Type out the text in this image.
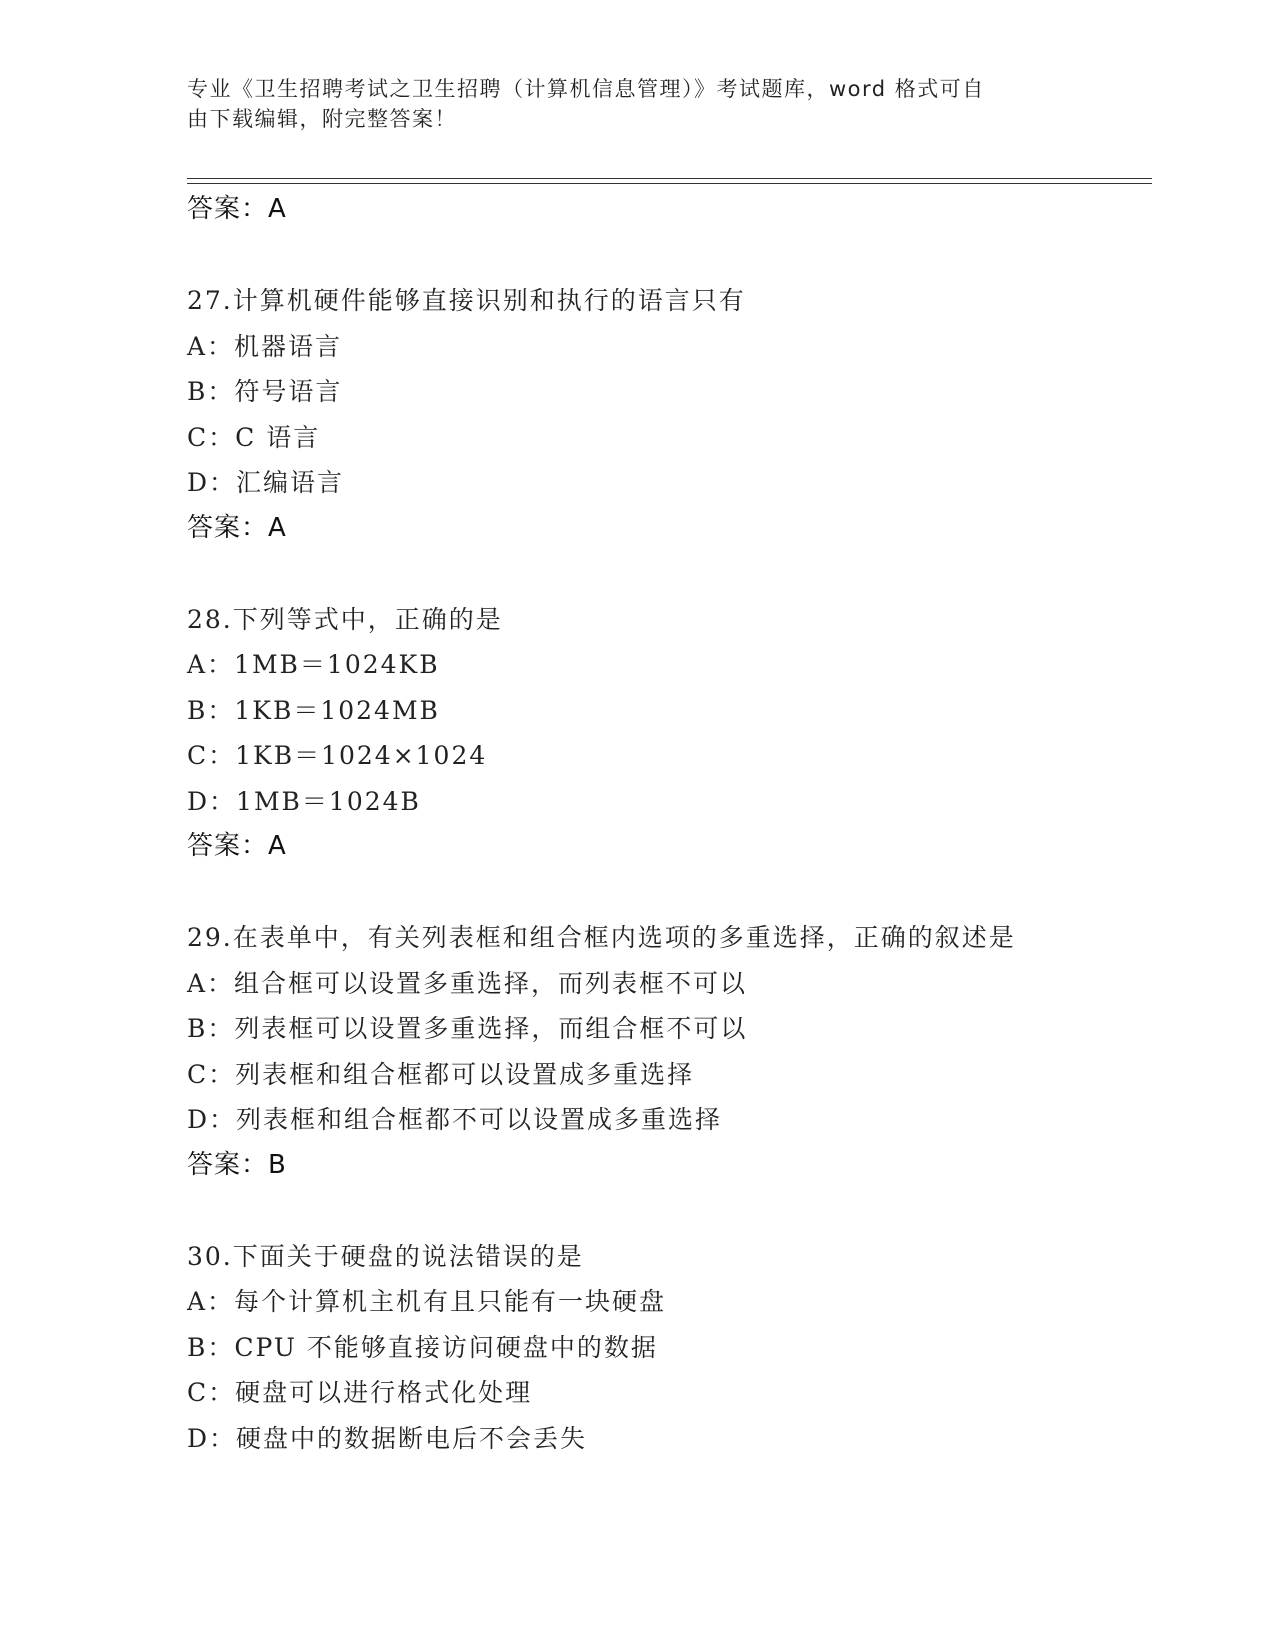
专业《卫生招聘考试之卫生招聘（计算机信息管理）》考试题库，word 格式可自
由下载编辑，附完整答案！
答案：A
27.计算机硬件能够直接识别和执行的语言只有
A：机器语言
B：符号语言
C：C 语言
D：汇编语言
答案：A
28.下列等式中，正确的是
A：1MB＝1024KB
B：1KB＝1024MB
C：1KB＝1024×1024
D：1MB＝1024B
答案：A
29.在表单中，有关列表框和组合框内选项的多重选择，正确的叙述是
A：组合框可以设置多重选择，而列表框不可以
B：列表框可以设置多重选择，而组合框不可以
C：列表框和组合框都可以设置成多重选择
D：列表框和组合框都不可以设置成多重选择
答案：B
30.下面关于硬盘的说法错误的是
A：每个计算机主机有且只能有一块硬盘
B：CPU 不能够直接访问硬盘中的数据
C：硬盘可以进行格式化处理
D：硬盘中的数据断电后不会丢失
